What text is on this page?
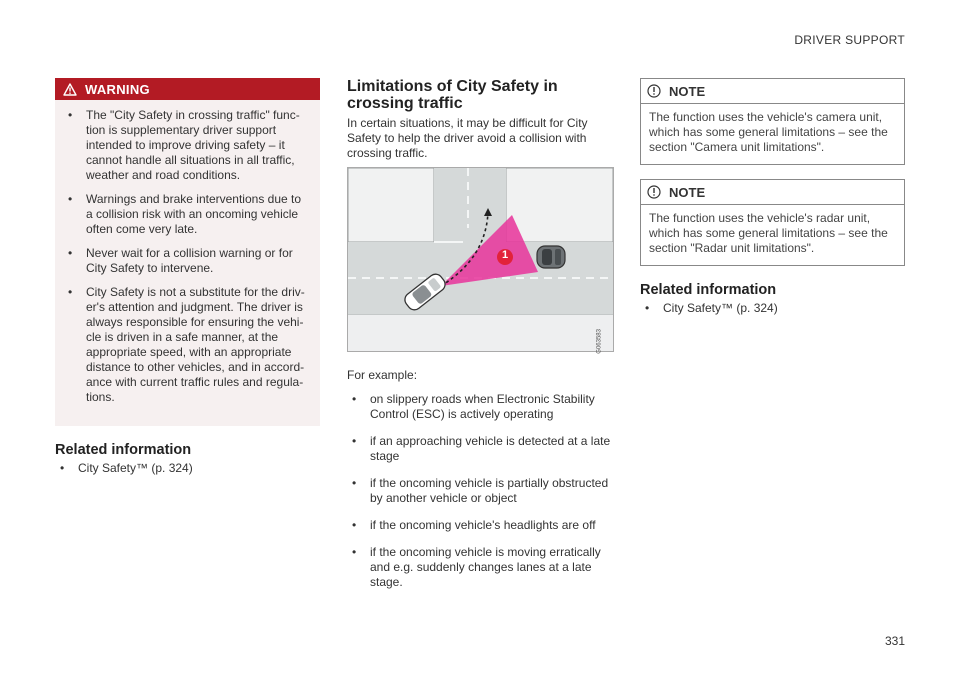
DRIVER SUPPORT
WARNING
• The "City Safety in crossing traffic" func-tion is supplementary driver support intended to improve driving safety – it cannot handle all situations in all traffic, weather and road conditions.
• Warnings and brake interventions due to a collision risk with an oncoming vehicle often come very late.
• Never wait for a collision warning or for City Safety to intervene.
• City Safety is not a substitute for the driv-er's attention and judgment. The driver is always responsible for ensuring the vehi-cle is driven in a safe manner, at the appropriate speed, with an appropriate distance to other vehicles, and in accord-ance with current traffic rules and regula-tions.
Related information
• City Safety™ (p. 324)
Limitations of City Safety in crossing traffic

In certain situations, it may be difficult for City Safety to help the driver avoid a collision with crossing traffic.

1
G063583

For example:

• on slippery roads when Electronic Stability Control (ESC) is actively operating
• if an approaching vehicle is detected at a late stage
• if the oncoming vehicle is partially obstructed by another vehicle or object
• if the oncoming vehicle's headlights are off
• if the oncoming vehicle is moving erratically and e.g. suddenly changes lanes at a late stage.
NOTE
The function uses the vehicle's camera unit, which has some general limitations – see the section "Camera unit limitations".
NOTE
The function uses the vehicle's radar unit, which has some general limitations – see the section "Radar unit limitations".
Related information
• City Safety™ (p. 324)
331
